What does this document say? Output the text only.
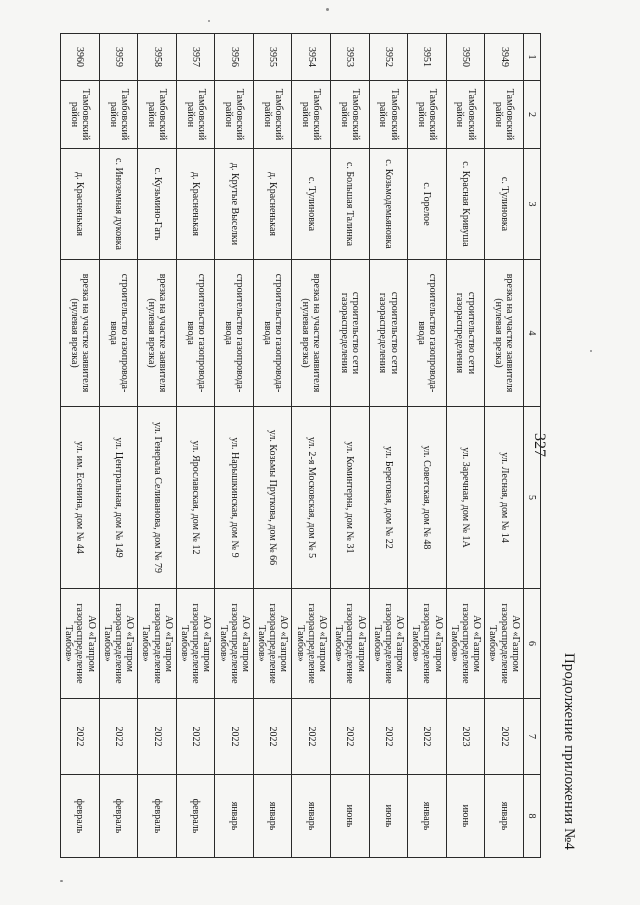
327
Продолжение приложения №4
1	2	3	4	5	6	7	8
3949	Тамбовский район	с. Тулиновка	врезка на участке заявителя (нулевая врезка)	ул. Лесная, дом № 14	АО «Газпром газораспределение Тамбов»	2022	январь
3950	Тамбовский район	с. Красная Кривуша	строительство сети газораспределения	ул. Заречная, дом № 1А	АО «Газпром газораспределение Тамбов»	2023	июнь
3951	Тамбовский район	с. Горелое	строительство газопровода-ввода	ул. Советская, дом № 48	АО «Газпром газораспределение Тамбов»	2022	январь
3952	Тамбовский район	с. Козьмодемьяновка	строительство сети газораспределения	ул. Береговая, дом № 22	АО «Газпром газораспределение Тамбов»	2022	июнь
3953	Тамбовский район	с. Большая Талинка	строительство сети газораспределения	ул. Коминтерна, дом № 31	АО «Газпром газораспределение Тамбов»	2022	июнь
3954	Тамбовский район	с. Тулиновка	врезка на участке заявителя (нулевая врезка)	ул. 2-я Московская, дом № 5	АО «Газпром газораспределение Тамбов»	2022	январь
3955	Тамбовский район	д. Красненькая	строительство газопровода-ввода	ул. Козьмы Пруткова, дом № 66	АО «Газпром газораспределение Тамбов»	2022	январь
3956	Тамбовский район	д. Крутые Выселки	строительство газопровода-ввода	ул. Нарышкинская, дом № 9	АО «Газпром газораспределение Тамбов»	2022	январь
3957	Тамбовский район	д. Красненькая	строительство газопровода-ввода	ул. Ярославская, дом № 12	АО «Газпром газораспределение Тамбов»	2022	февраль
3958	Тамбовский район	с. Кузьмино-Гать	врезка на участке заявителя (нулевая врезка)	ул. Генерала Селиванова, дом № 79	АО «Газпром газораспределение Тамбов»	2022	февраль
3959	Тамбовский район	с. Иноземная дуковка	строительство газопровода-ввода	ул. Центральная, дом № 149	АО «Газпром газораспределение Тамбов»	2022	февраль
3960	Тамбовский район	д. Красненькая	врезка на участке заявителя (нулевая врезка)	ул. им. Есенина, дом № 44	АО «Газпром газораспределение Тамбов»	2022	февраль
